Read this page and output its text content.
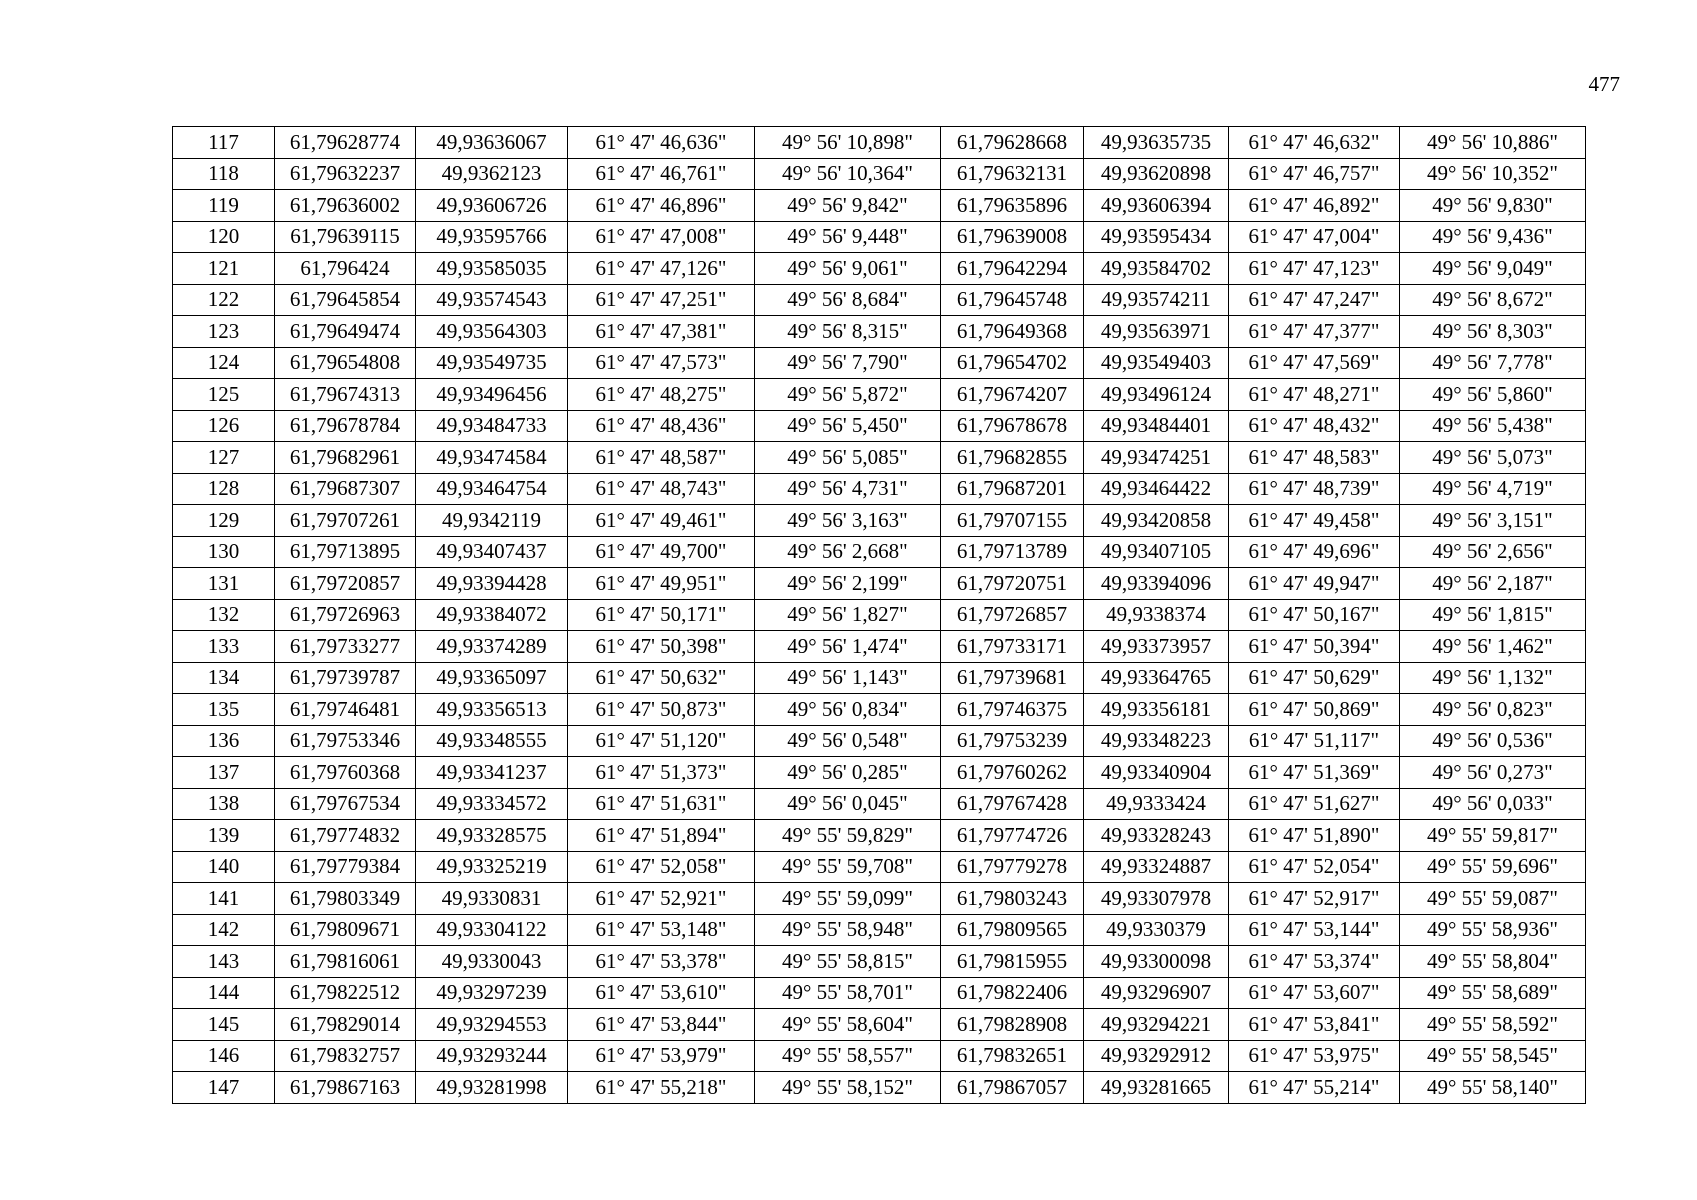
477
117	61,79628774	49,93636067	61° 47' 46,636"	49° 56' 10,898"	61,79628668	49,93635735	61° 47' 46,632"	49° 56' 10,886"
118	61,79632237	49,9362123	61° 47' 46,761"	49° 56' 10,364"	61,79632131	49,93620898	61° 47' 46,757"	49° 56' 10,352"
119	61,79636002	49,93606726	61° 47' 46,896"	49° 56' 9,842"	61,79635896	49,93606394	61° 47' 46,892"	49° 56' 9,830"
120	61,79639115	49,93595766	61° 47' 47,008"	49° 56' 9,448"	61,79639008	49,93595434	61° 47' 47,004"	49° 56' 9,436"
121	61,796424	49,93585035	61° 47' 47,126"	49° 56' 9,061"	61,79642294	49,93584702	61° 47' 47,123"	49° 56' 9,049"
122	61,79645854	49,93574543	61° 47' 47,251"	49° 56' 8,684"	61,79645748	49,93574211	61° 47' 47,247"	49° 56' 8,672"
123	61,79649474	49,93564303	61° 47' 47,381"	49° 56' 8,315"	61,79649368	49,93563971	61° 47' 47,377"	49° 56' 8,303"
124	61,79654808	49,93549735	61° 47' 47,573"	49° 56' 7,790"	61,79654702	49,93549403	61° 47' 47,569"	49° 56' 7,778"
125	61,79674313	49,93496456	61° 47' 48,275"	49° 56' 5,872"	61,79674207	49,93496124	61° 47' 48,271"	49° 56' 5,860"
126	61,79678784	49,93484733	61° 47' 48,436"	49° 56' 5,450"	61,79678678	49,93484401	61° 47' 48,432"	49° 56' 5,438"
127	61,79682961	49,93474584	61° 47' 48,587"	49° 56' 5,085"	61,79682855	49,93474251	61° 47' 48,583"	49° 56' 5,073"
128	61,79687307	49,93464754	61° 47' 48,743"	49° 56' 4,731"	61,79687201	49,93464422	61° 47' 48,739"	49° 56' 4,719"
129	61,79707261	49,9342119	61° 47' 49,461"	49° 56' 3,163"	61,79707155	49,93420858	61° 47' 49,458"	49° 56' 3,151"
130	61,79713895	49,93407437	61° 47' 49,700"	49° 56' 2,668"	61,79713789	49,93407105	61° 47' 49,696"	49° 56' 2,656"
131	61,79720857	49,93394428	61° 47' 49,951"	49° 56' 2,199"	61,79720751	49,93394096	61° 47' 49,947"	49° 56' 2,187"
132	61,79726963	49,93384072	61° 47' 50,171"	49° 56' 1,827"	61,79726857	49,9338374	61° 47' 50,167"	49° 56' 1,815"
133	61,79733277	49,93374289	61° 47' 50,398"	49° 56' 1,474"	61,79733171	49,93373957	61° 47' 50,394"	49° 56' 1,462"
134	61,79739787	49,93365097	61° 47' 50,632"	49° 56' 1,143"	61,79739681	49,93364765	61° 47' 50,629"	49° 56' 1,132"
135	61,79746481	49,93356513	61° 47' 50,873"	49° 56' 0,834"	61,79746375	49,93356181	61° 47' 50,869"	49° 56' 0,823"
136	61,79753346	49,93348555	61° 47' 51,120"	49° 56' 0,548"	61,79753239	49,93348223	61° 47' 51,117"	49° 56' 0,536"
137	61,79760368	49,93341237	61° 47' 51,373"	49° 56' 0,285"	61,79760262	49,93340904	61° 47' 51,369"	49° 56' 0,273"
138	61,79767534	49,93334572	61° 47' 51,631"	49° 56' 0,045"	61,79767428	49,9333424	61° 47' 51,627"	49° 56' 0,033"
139	61,79774832	49,93328575	61° 47' 51,894"	49° 55' 59,829"	61,79774726	49,93328243	61° 47' 51,890"	49° 55' 59,817"
140	61,79779384	49,93325219	61° 47' 52,058"	49° 55' 59,708"	61,79779278	49,93324887	61° 47' 52,054"	49° 55' 59,696"
141	61,79803349	49,9330831	61° 47' 52,921"	49° 55' 59,099"	61,79803243	49,93307978	61° 47' 52,917"	49° 55' 59,087"
142	61,79809671	49,93304122	61° 47' 53,148"	49° 55' 58,948"	61,79809565	49,9330379	61° 47' 53,144"	49° 55' 58,936"
143	61,79816061	49,9330043	61° 47' 53,378"	49° 55' 58,815"	61,79815955	49,93300098	61° 47' 53,374"	49° 55' 58,804"
144	61,79822512	49,93297239	61° 47' 53,610"	49° 55' 58,701"	61,79822406	49,93296907	61° 47' 53,607"	49° 55' 58,689"
145	61,79829014	49,93294553	61° 47' 53,844"	49° 55' 58,604"	61,79828908	49,93294221	61° 47' 53,841"	49° 55' 58,592"
146	61,79832757	49,93293244	61° 47' 53,979"	49° 55' 58,557"	61,79832651	49,93292912	61° 47' 53,975"	49° 55' 58,545"
147	61,79867163	49,93281998	61° 47' 55,218"	49° 55' 58,152"	61,79867057	49,93281665	61° 47' 55,214"	49° 55' 58,140"
